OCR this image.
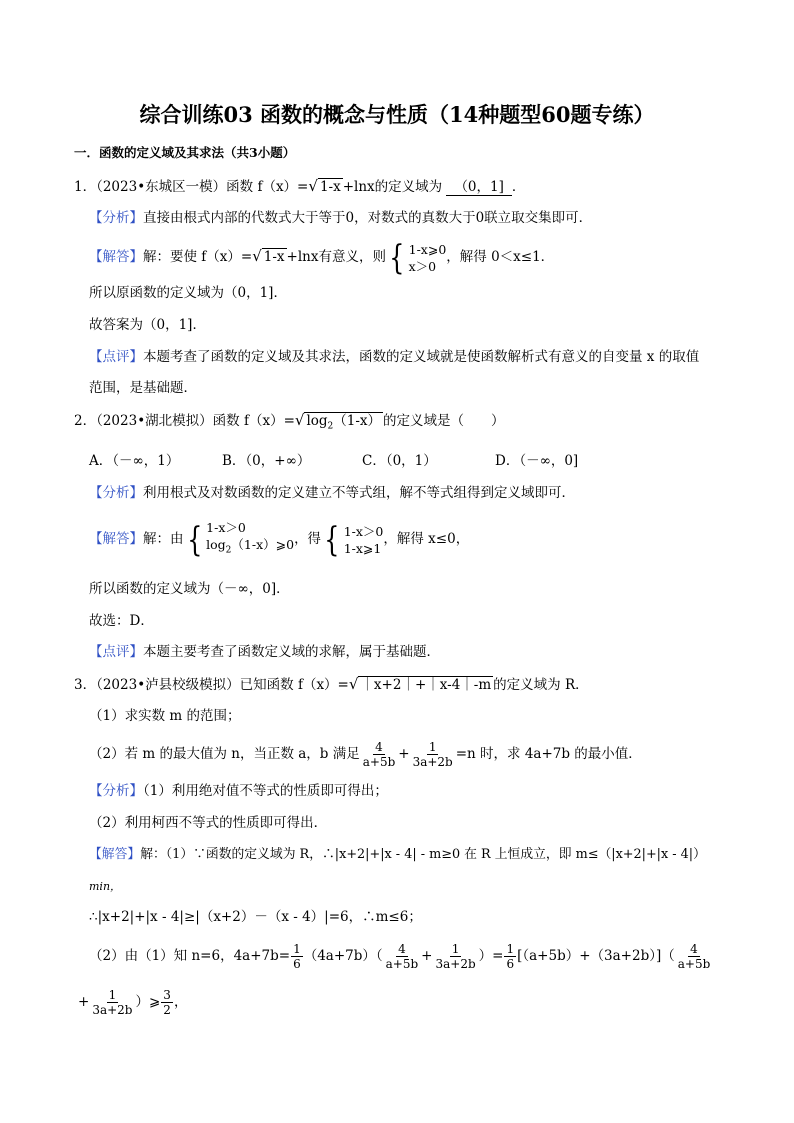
综合训练03 函数的概念与性质（14种题型60题专练）
一．函数的定义域及其求法（共3小题）
1．（2023•东城区一模）函数 f（x）=√ 1-x +lnx的定义域为 （0，1] ．
【分析】直接由根式内部的代数式大于等于0，对数式的真数大于0联立取交集即可．
【解答】解：要使 f（x）=√ 1-x +lnx有意义，则 { 1-x⩾0
x＞0
，解得 0＜x≤1．
所以原函数的定义域为（0，1]．
故答案为（0，1]．
【点评】本题考查了函数的定义域及其求法，函数的定义域就是使函数解析式有意义的自变量 x 的取值
范围，是基础题．
2．（2023•湖北模拟）函数 f（x）=√ $\log_2(1-x)$ 的定义域是（　　）
A．（－∞，1）	B．（0，+∞）	C．（0，1）	D．（－∞，0]
【分析】利用根式及对数函数的定义建立不等式组，解不等式组得到定义域即可．
【解答】解：由 { 1-x＞0
$\log_2(1-x)⩾0$ ，得 { 1-x＞0
1-x⩾1
，解得 x≤0，
所以函数的定义域为（－∞，0]．
故选：D．
【点评】本题主要考查了函数定义域的求解，属于基础题．
3．（2023•泸县校级模拟）已知函数 f（x）=√ ｜x+2｜+｜x-4｜-m 的定义域为 R．
（1）求实数 m 的范围；
（2）若 m 的最大值为 n，当正数 a，b 满足 $\frac{4}{a+5b} + \frac{1}{3a+2b} =n$ 时，求 4a+7b 的最小值．
【分析】（1）利用绝对值不等式的性质即可得出；
（2）利用柯西不等式的性质即可得出．
【解答】解：（1）∵函数的定义域为 R，∴|x+2|+|x - 4| - m≥0 在 R 上恒成立，即 m≤（|x+2|+|x - 4|）
min，
∴|x+2|+|x - 4|≥|（x+2）－（x - 4）|=6，∴m≤6；
（2）由（1）知 n=6，$4a+7b= \frac{1}{6} (4a+7b)( \frac{4}{a+5b} + \frac{1}{3a+2b}$ ）= $\frac{1}{6} [(a+5b)+(3a+2b)]( \frac{4}{a+5b}$
+ $\frac{1}{3a+2b}$ ）⩾ $\frac{3}{2}$ ，
